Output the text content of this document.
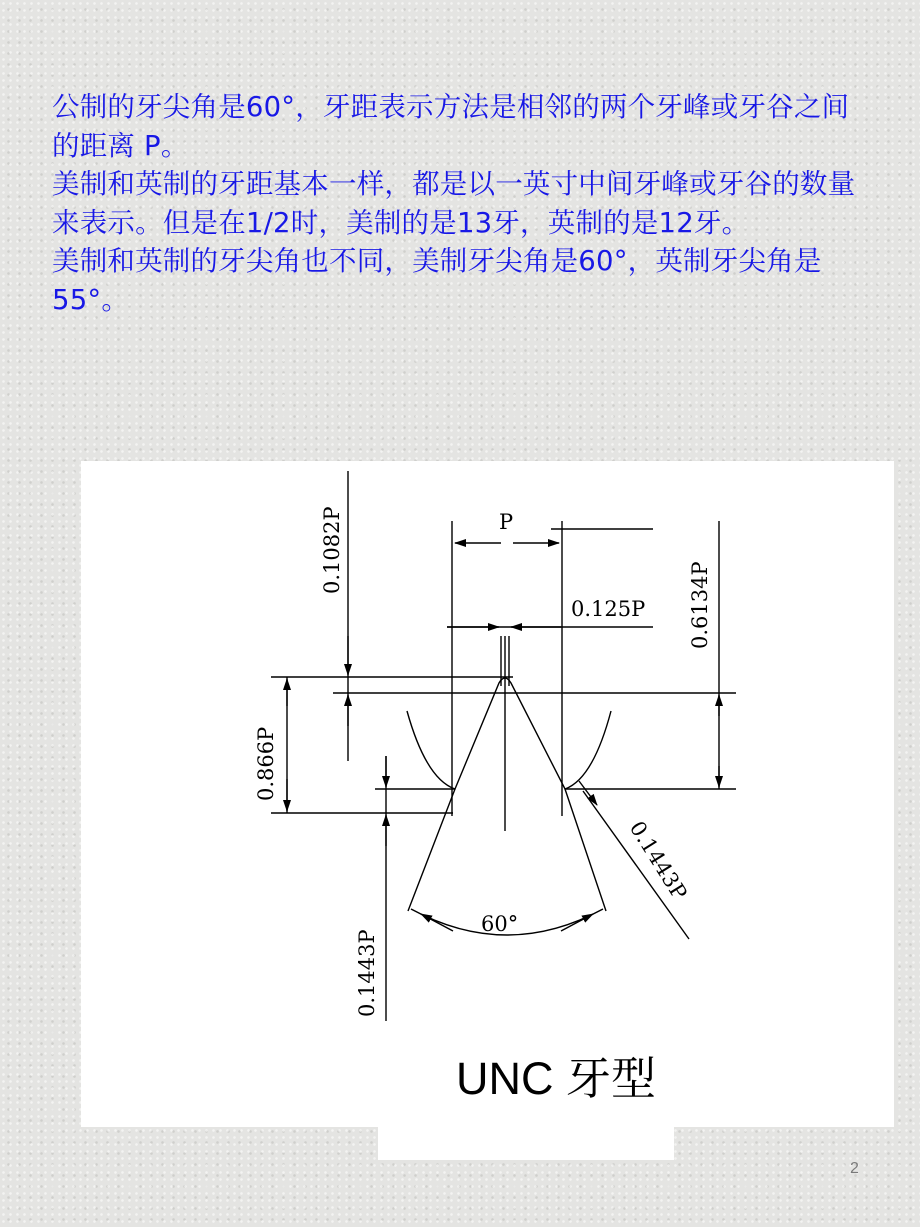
公制的牙尖角是60°，牙距表示方法是相邻的两个牙峰或牙谷之间的距离 P。
美制和英制的牙距基本一样，都是以一英寸中间牙峰或牙谷的数量来表示。但是在1/2时，美制的是13牙，英制的是12牙。
美制和英制的牙尖角也不同，美制牙尖角是60°，英制牙尖角是55°。
P
0.125P
0.1082P
0.6134P
0.866P
0.1443P
0.1443P
60°
UNC 牙型
2
